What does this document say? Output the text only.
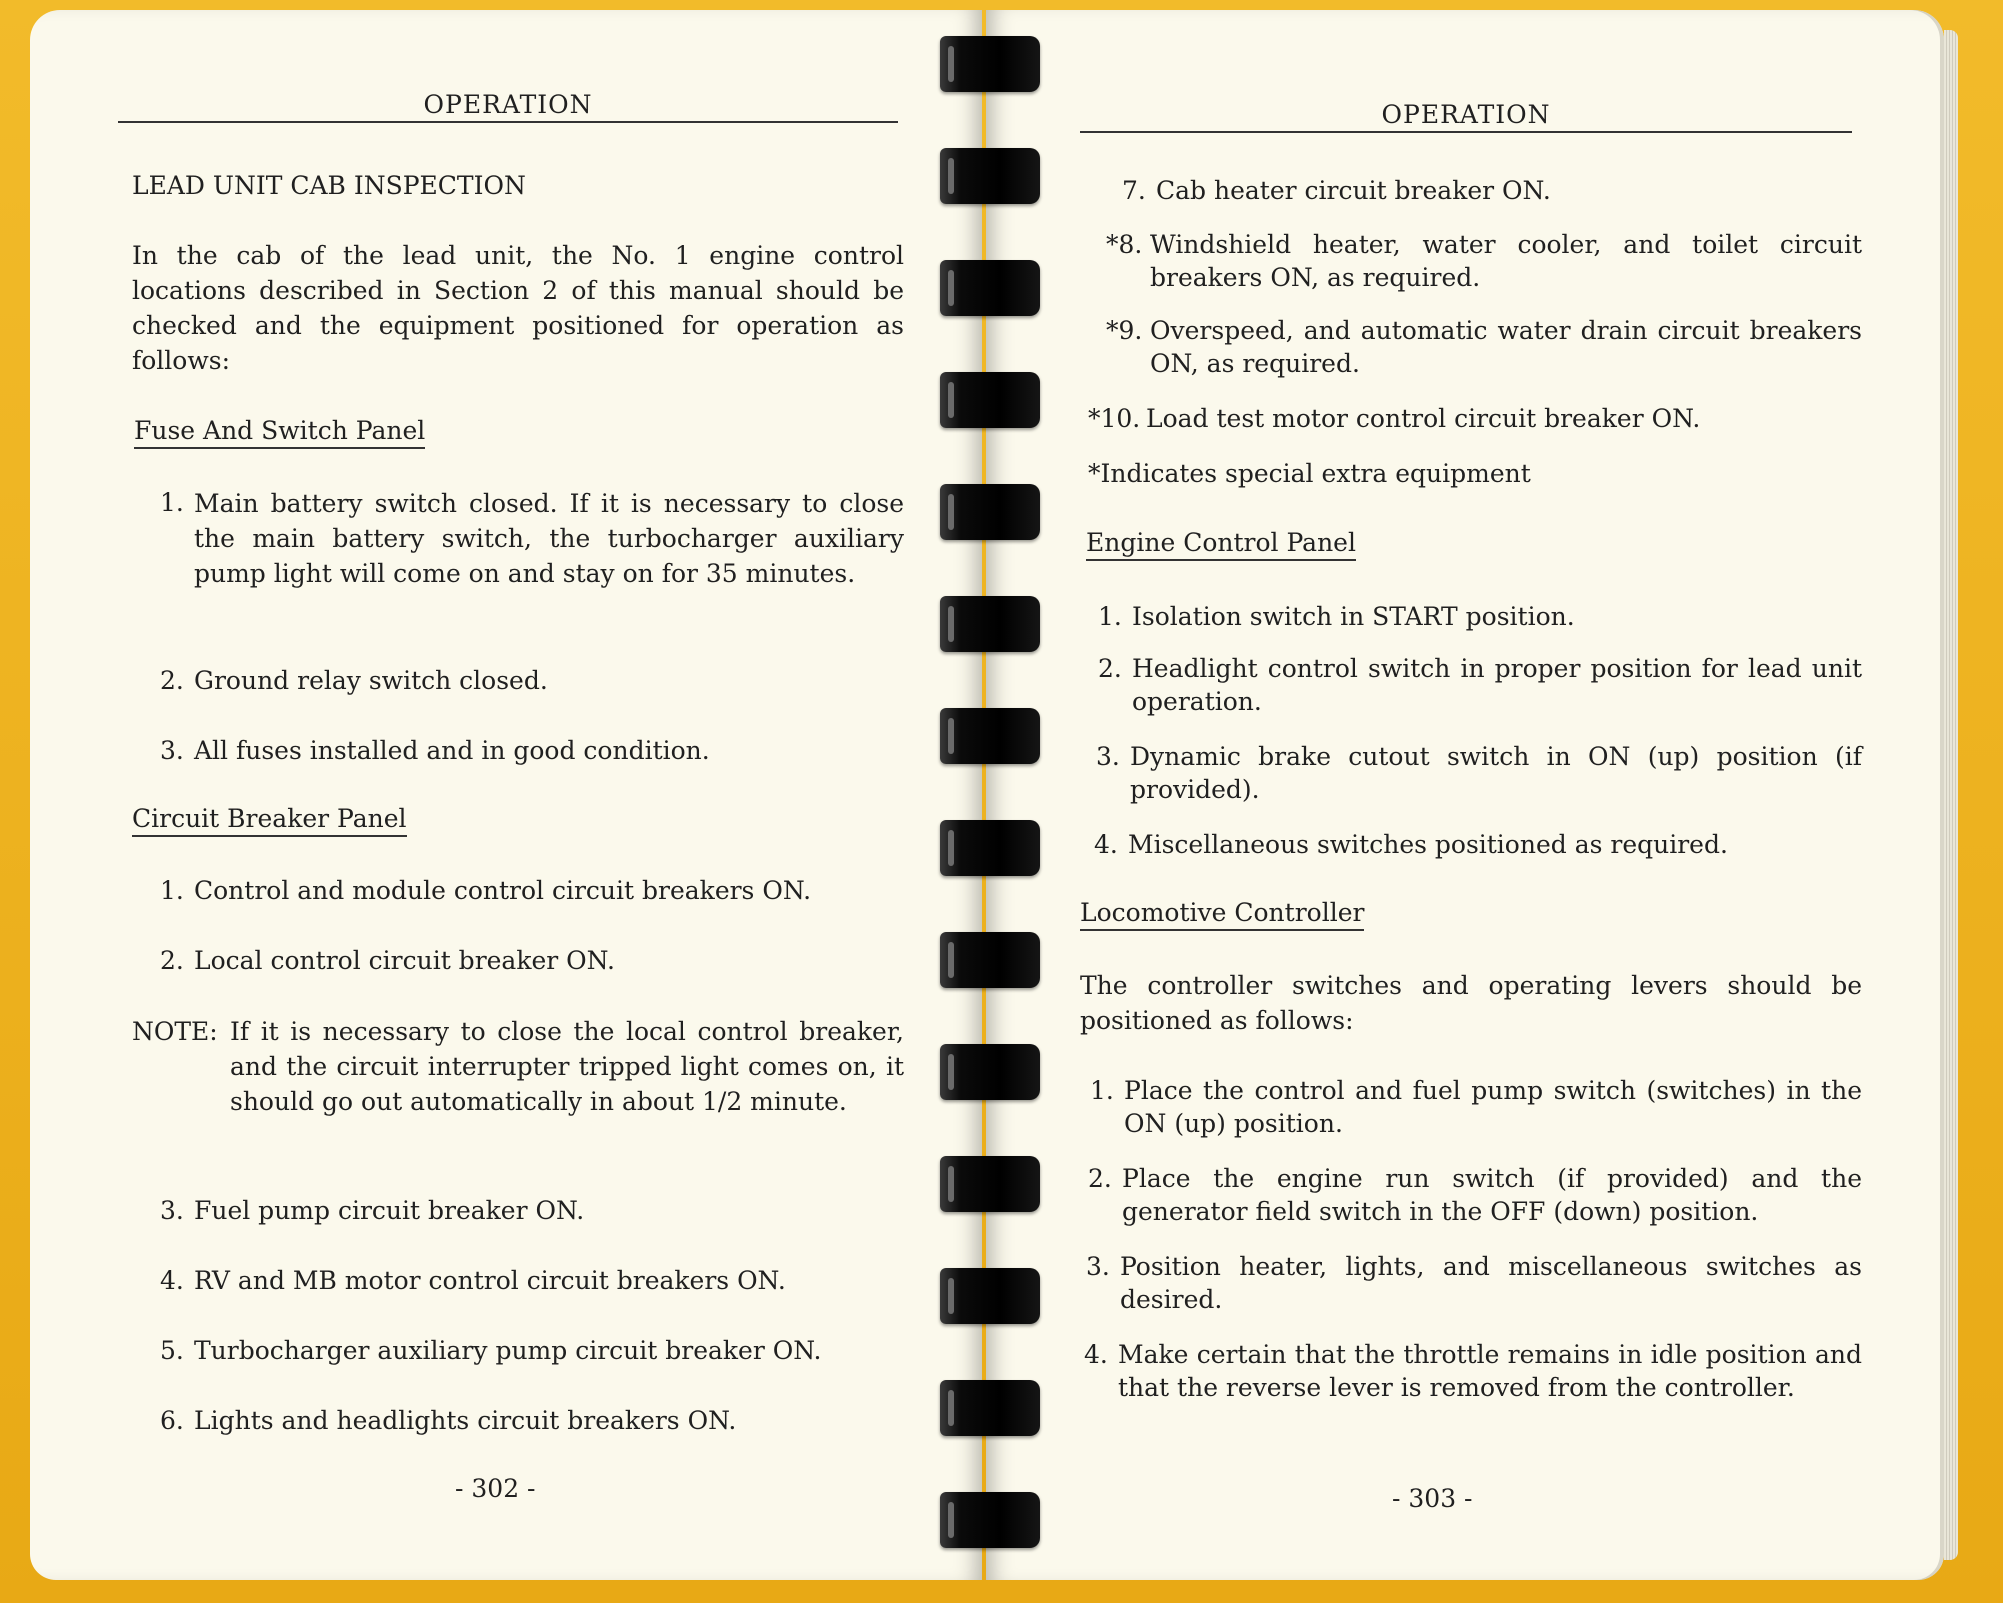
OPERATION
LEAD UNIT CAB INSPECTION
In the cab of the lead unit, the No. 1 engine control locations described in Section 2 of this manual should be checked and the equipment positioned for operation as follows:
Fuse And Switch Panel
1. Main battery switch closed. If it is necessary to close the main battery switch, the turbocharger auxiliary pump light will come on and stay on for 35 minutes.
2. Ground relay switch closed.
3. All fuses installed and in good condition.
Circuit Breaker Panel
1. Control and module control circuit breakers ON.
2. Local control circuit breaker ON.
NOTE: If it is necessary to close the local control breaker, and the circuit interrupter tripped light comes on, it should go out automatically in about 1/2 minute.
3. Fuel pump circuit breaker ON.
4. RV and MB motor control circuit breakers ON.
5. Turbocharger auxiliary pump circuit breaker ON.
6. Lights and headlights circuit breakers ON.
- 302 -
OPERATION
7. Cab heater circuit breaker ON.
*8. Windshield heater, water cooler, and toilet circuit breakers ON, as required.
*9. Overspeed, and automatic water drain circuit breakers ON, as required.
*10. Load test motor control circuit breaker ON.
*Indicates special extra equipment
Engine Control Panel
1. Isolation switch in START position.
2. Headlight control switch in proper position for lead unit operation.
3. Dynamic brake cutout switch in ON (up) position (if provided).
4. Miscellaneous switches positioned as required.
Locomotive Controller
The controller switches and operating levers should be positioned as follows:
1. Place the control and fuel pump switch (switches) in the ON (up) position.
2. Place the engine run switch (if provided) and the generator field switch in the OFF (down) position.
3. Position heater, lights, and miscellaneous switches as desired.
4. Make certain that the throttle remains in idle position and that the reverse lever is removed from the controller.
- 303 -
